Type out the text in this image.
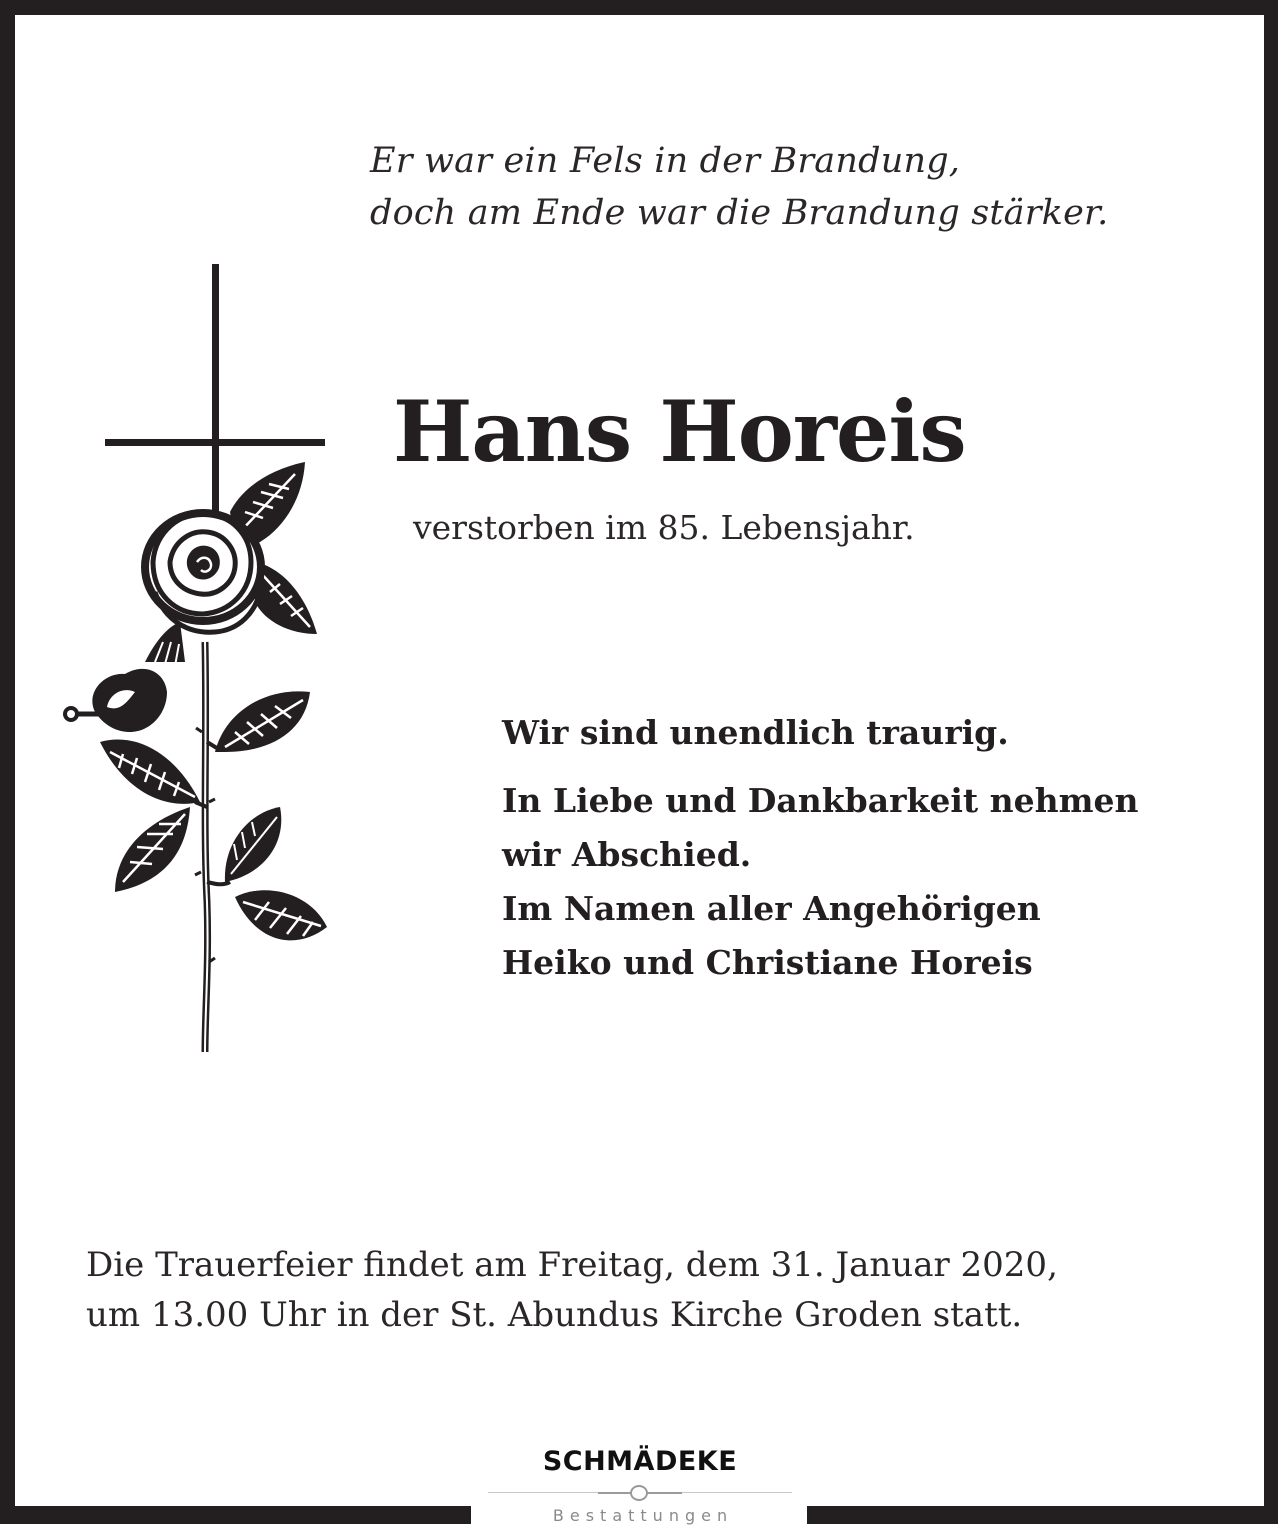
Er war ein Fels in der Brandung,
doch am Ende war die Brandung stärker.
Hans Horeis
verstorben im 85. Lebensjahr.
Wir sind unendlich traurig.
In Liebe und Dankbarkeit nehmen
wir Abschied.
Im Namen aller Angehörigen
Heiko und Christiane Horeis
Die Trauerfeier findet am Freitag, dem 31. Januar 2020,
um 13.00 Uhr in der St. Abundus Kirche Groden statt.
SCHMÄDEKE
Bestattungen
